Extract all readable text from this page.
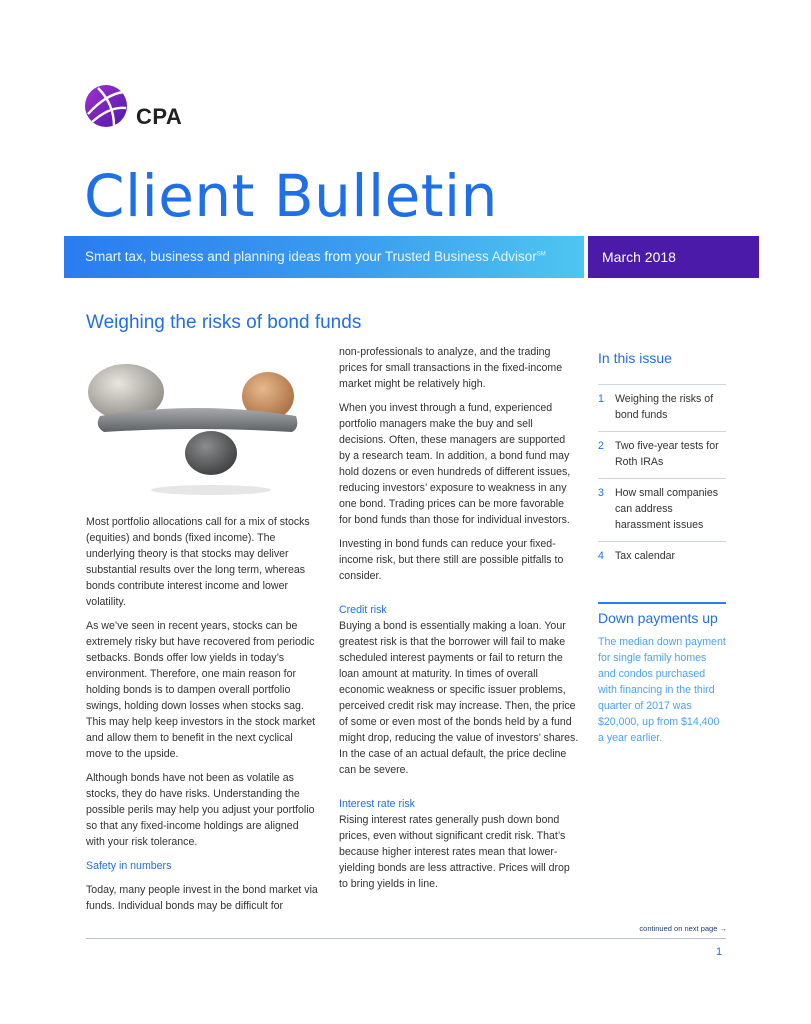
CPA
Client Bulletin
Smart tax, business and planning ideas from your Trusted Business Advisor℠	March 2018
Weighing the risks of bond funds

Most portfolio allocations call for a mix of stocks (equities) and bonds (fixed income). The underlying theory is that stocks may deliver substantial results over the long term, whereas bonds contribute interest income and lower volatility.

As we’ve seen in recent years, stocks can be extremely risky but have recovered from periodic setbacks. Bonds offer low yields in today’s environment. Therefore, one main reason for holding bonds is to dampen overall portfolio swings, holding down losses when stocks sag. This may help keep investors in the stock market and allow them to benefit in the next cyclical move to the upside.

Although bonds have not been as volatile as stocks, they do have risks. Understanding the possible perils may help you adjust your portfolio so that any fixed-income holdings are aligned with your risk tolerance.

Safety in numbers

Today, many people invest in the bond market via funds. Individual bonds may be difficult for

non-professionals to analyze, and the trading prices for small transactions in the fixed-income market might be relatively high.

When you invest through a fund, experienced portfolio managers make the buy and sell decisions. Often, these managers are supported by a research team. In addition, a bond fund may hold dozens or even hundreds of different issues, reducing investors’ exposure to weakness in any one bond. Trading prices can be more favorable for bond funds than those for individual investors.

Investing in bond funds can reduce your fixed-income risk, but there still are possible pitfalls to consider.

Credit risk

Buying a bond is essentially making a loan. Your greatest risk is that the borrower will fail to make scheduled interest payments or fail to return the loan amount at maturity. In times of overall economic weakness or specific issuer problems, perceived credit risk may increase. Then, the price of some or even most of the bonds held by a fund might drop, reducing the value of investors’ shares. In the case of an actual default, the price decline can be severe.

Interest rate risk

Rising interest rates generally push down bond prices, even without significant credit risk. That’s because higher interest rates mean that lower-yielding bonds are less attractive. Prices will drop to bring yields in line.

In this issue
1	Weighing the risks of bond funds
2	Two five-year tests for Roth IRAs
3	How small companies can address harassment issues
4	Tax calendar
Down payments up
The median down payment for single family homes and condos purchased with financing in the third quarter of 2017 was $20,000, up from $14,400 a year earlier.
continued on next page →
1
